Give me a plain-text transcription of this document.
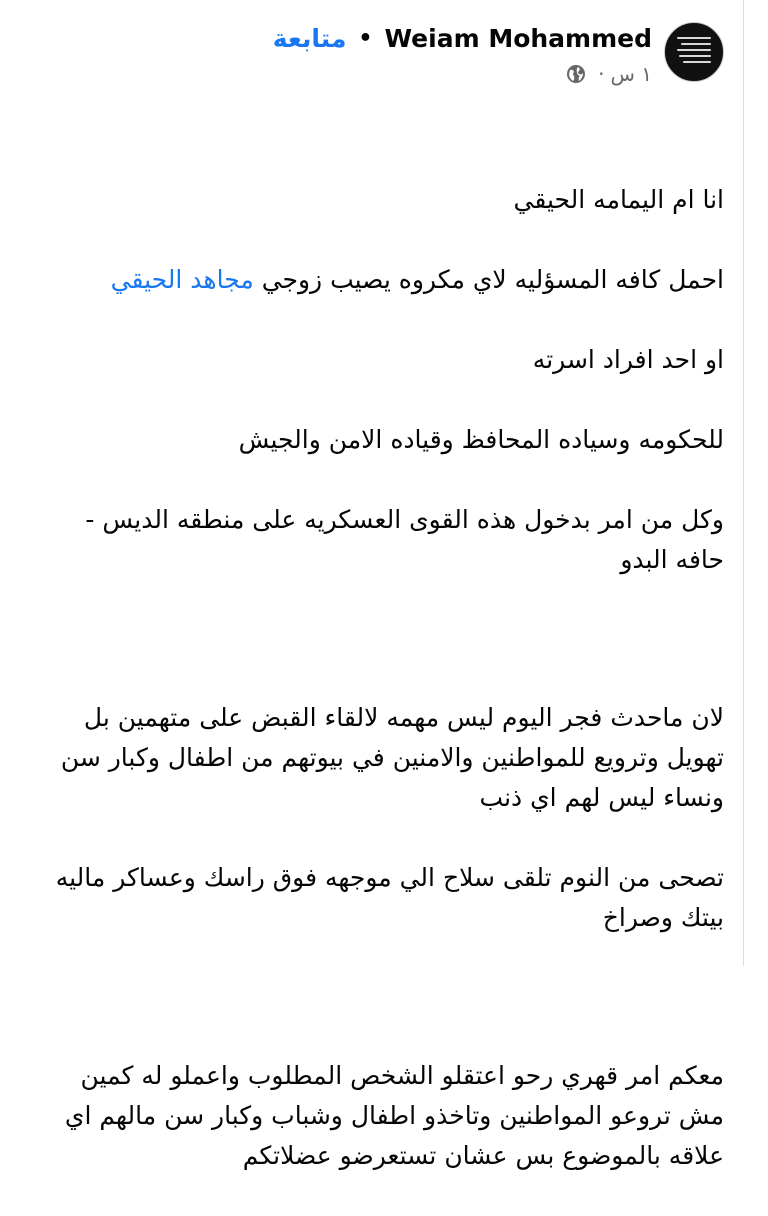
Weiam Mohammed
•
متابعة
١ س
·

انا ام اليمامه الحيقي

احمل كافه المسؤليه لاي مكروه يصيب زوجي مجاهد الحيقي

او احد افراد اسرته

للحكومه وسياده المحافظ وقياده الامن والجيش

وكل من امر بدخول هذه القوى العسكريه على منطقه الديس - حافه البدو

لان ماحدث فجر اليوم ليس مهمه لالقاء القبض على متهمين بل تهويل وترويع للمواطنين والامنين في بيوتهم من اطفال وكبار سن ونساء ليس لهم اي ذنب

تصحى من النوم تلقى سلاح الي موجهه فوق راسك وعساكر ماليه بيتك وصراخ

معكم امر قهري رحو اعتقلو الشخص المطلوب واعملو له كمين مش تروعو المواطنين وتاخذو اطفال وشباب وكبار سن مالهم اي علاقه بالموضوع بس عشان تستعرضو عضلاتكم
